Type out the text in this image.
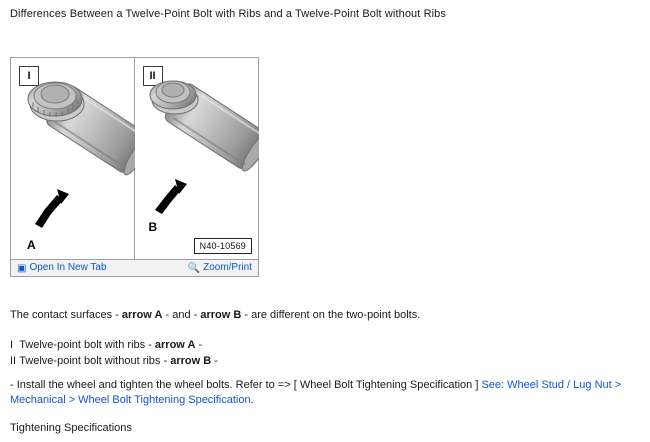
Differences Between a Twelve-Point Bolt with Ribs and a Twelve-Point Bolt without Ribs
I
A
II
B
N40-10569
▣ Open In New Tab	🔍 Zoom/Print
The contact surfaces - arrow A - and - arrow B - are different on the two-point bolts.
I Twelve-point bolt with ribs - arrow A -
II Twelve-point bolt without ribs - arrow B -
- Install the wheel and tighten the wheel bolts. Refer to => [ Wheel Bolt Tightening Specification ] See: Wheel Stud / Lug Nut > Mechanical > Wheel Bolt Tightening Specification.
Tightening Specifications
